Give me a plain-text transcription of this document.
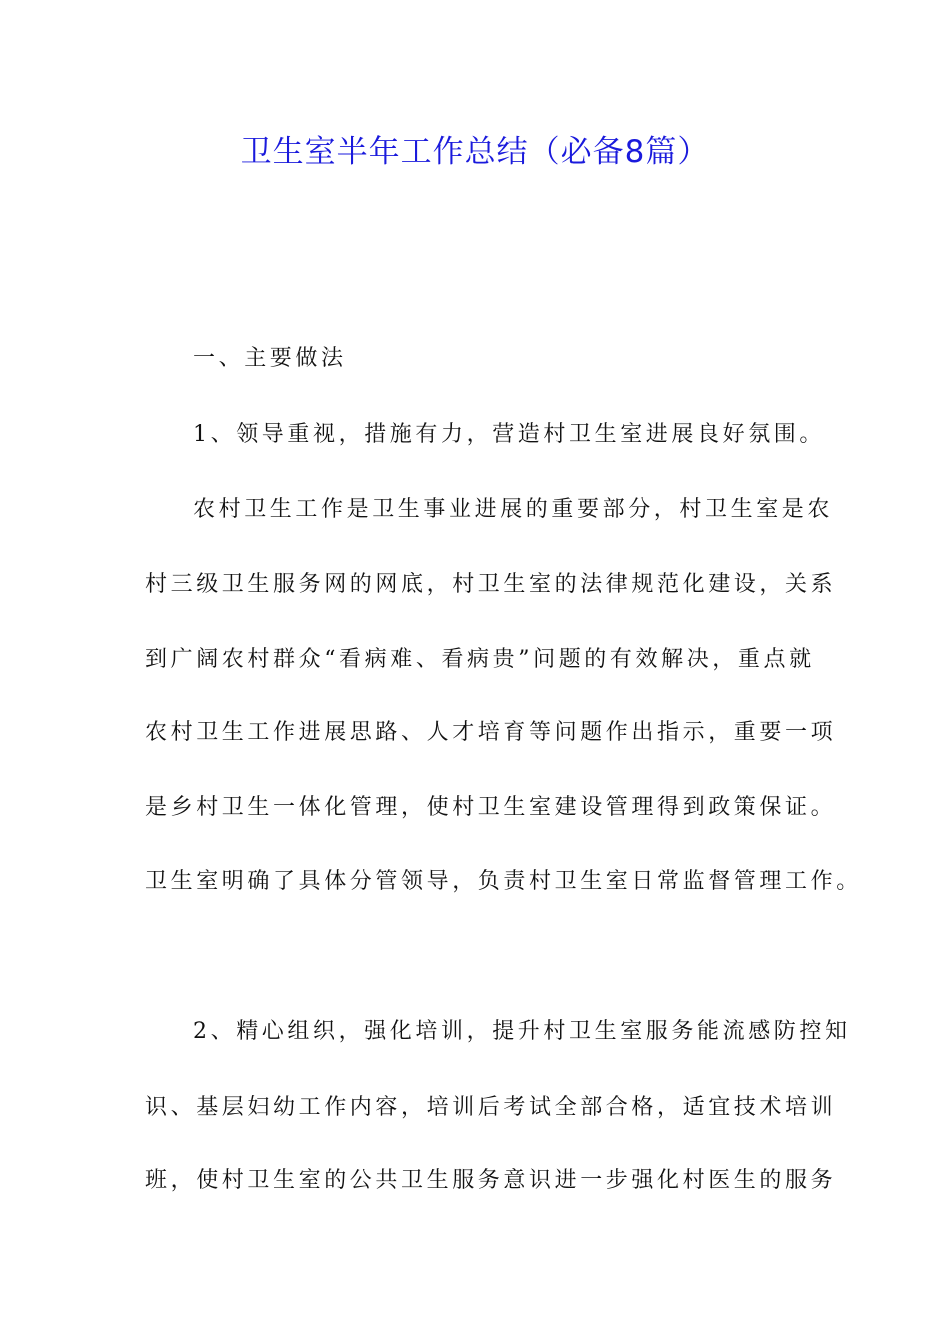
卫生室半年工作总结（必备8篇）

一、主要做法

1、领导重视，措施有力，营造村卫生室进展良好氛围。

农村卫生工作是卫生事业进展的重要部分，村卫生室是农

村三级卫生服务网的网底，村卫生室的法律规范化建设，关系

到广阔农村群众“看病难、看病贵”问题的有效解决，重点就

农村卫生工作进展思路、人才培育等问题作出指示，重要一项

是乡村卫生一体化管理，使村卫生室建设管理得到政策保证。

卫生室明确了具体分管领导，负责村卫生室日常监督管理工作。

2、精心组织，强化培训，提升村卫生室服务能流感防控知

识、基层妇幼工作内容，培训后考试全部合格，适宜技术培训

班，使村卫生室的公共卫生服务意识进一步强化村医生的服务
